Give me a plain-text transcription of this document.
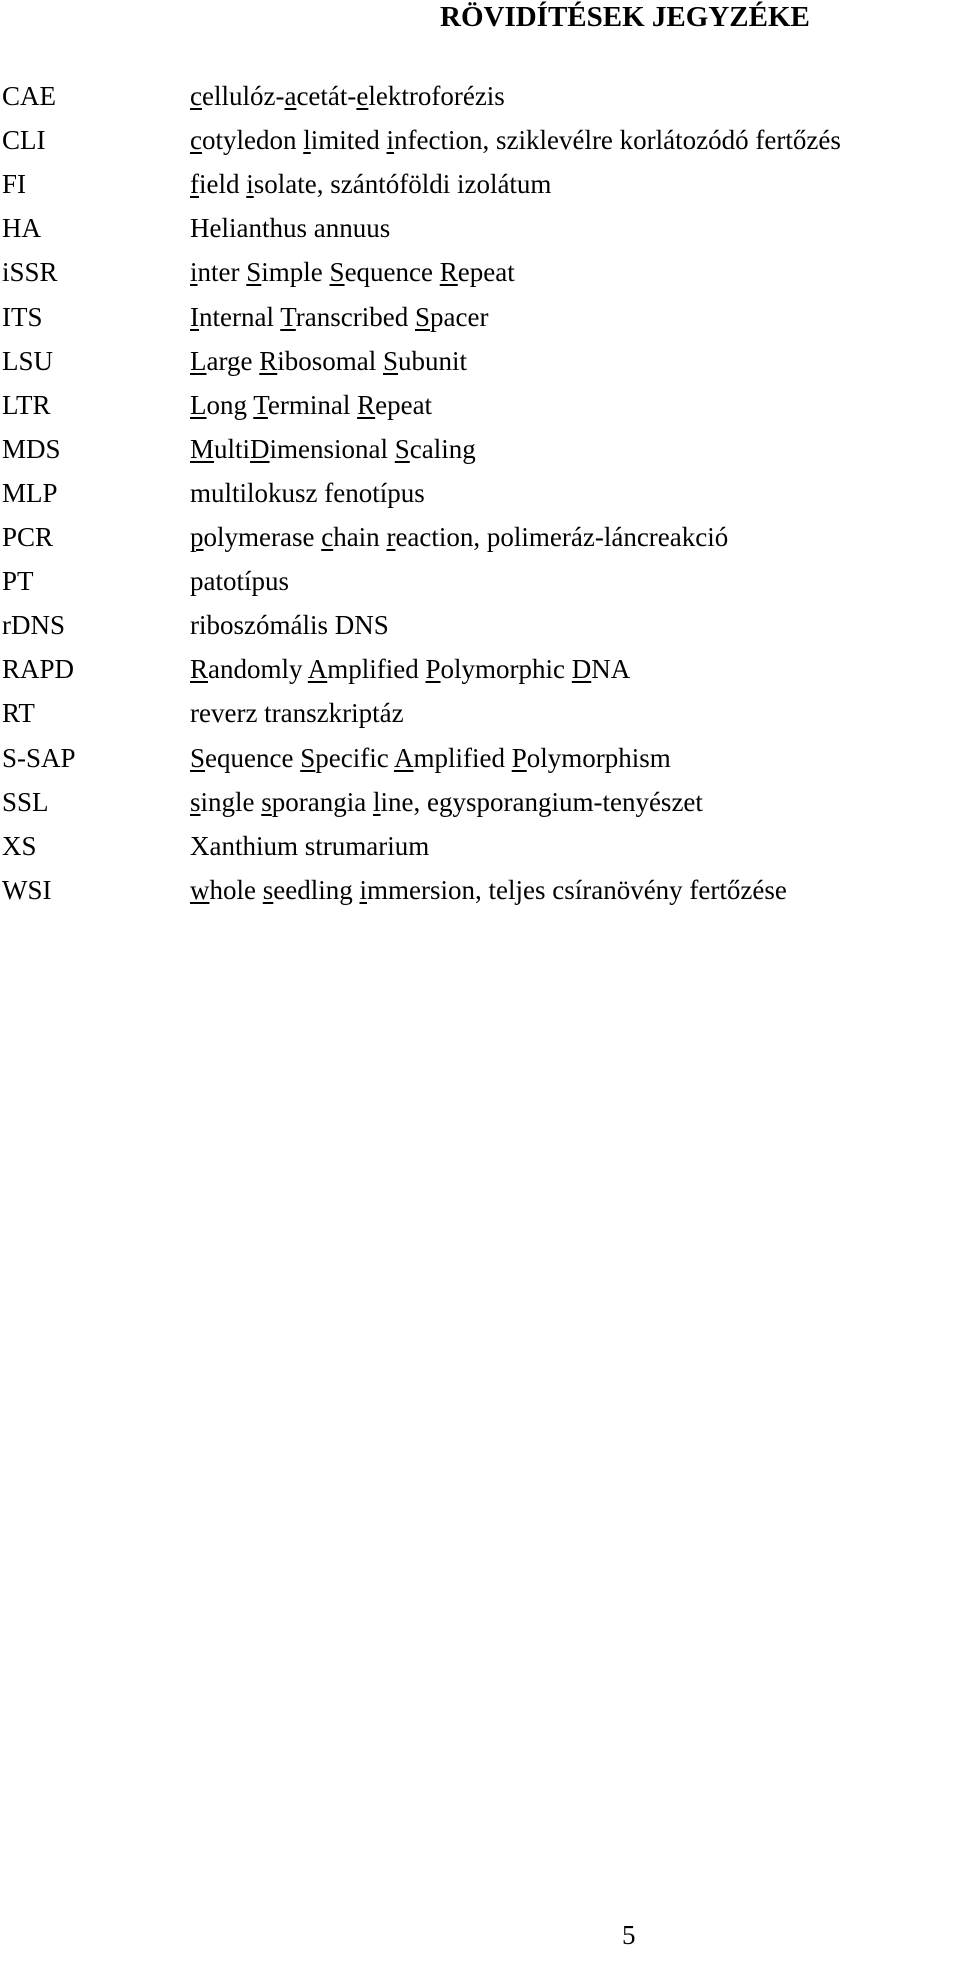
RÖVIDÍTÉSEK JEGYZÉKE
CAE	cellulóz-acetát-elektroforézis
CLI	cotyledon limited infection, sziklevélre korlátozódó fertőzés
FI	field isolate, szántóföldi izolátum
HA	Helianthus annuus
iSSR	inter Simple Sequence Repeat
ITS	Internal Transcribed Spacer
LSU	Large Ribosomal Subunit
LTR	Long Terminal Repeat
MDS	MultiDimensional Scaling
MLP	multilokusz fenotípus
PCR	polymerase chain reaction, polimeráz-láncreakció
PT	patotípus
rDNS	riboszómális DNS
RAPD	Randomly Amplified Polymorphic DNA
RT	reverz transzkriptáz
S-SAP	Sequence Specific Amplified Polymorphism
SSL	single sporangia line, egysporangium-tenyészet
XS	Xanthium strumarium
WSI	whole seedling immersion, teljes csíranövény fertőzése
5
